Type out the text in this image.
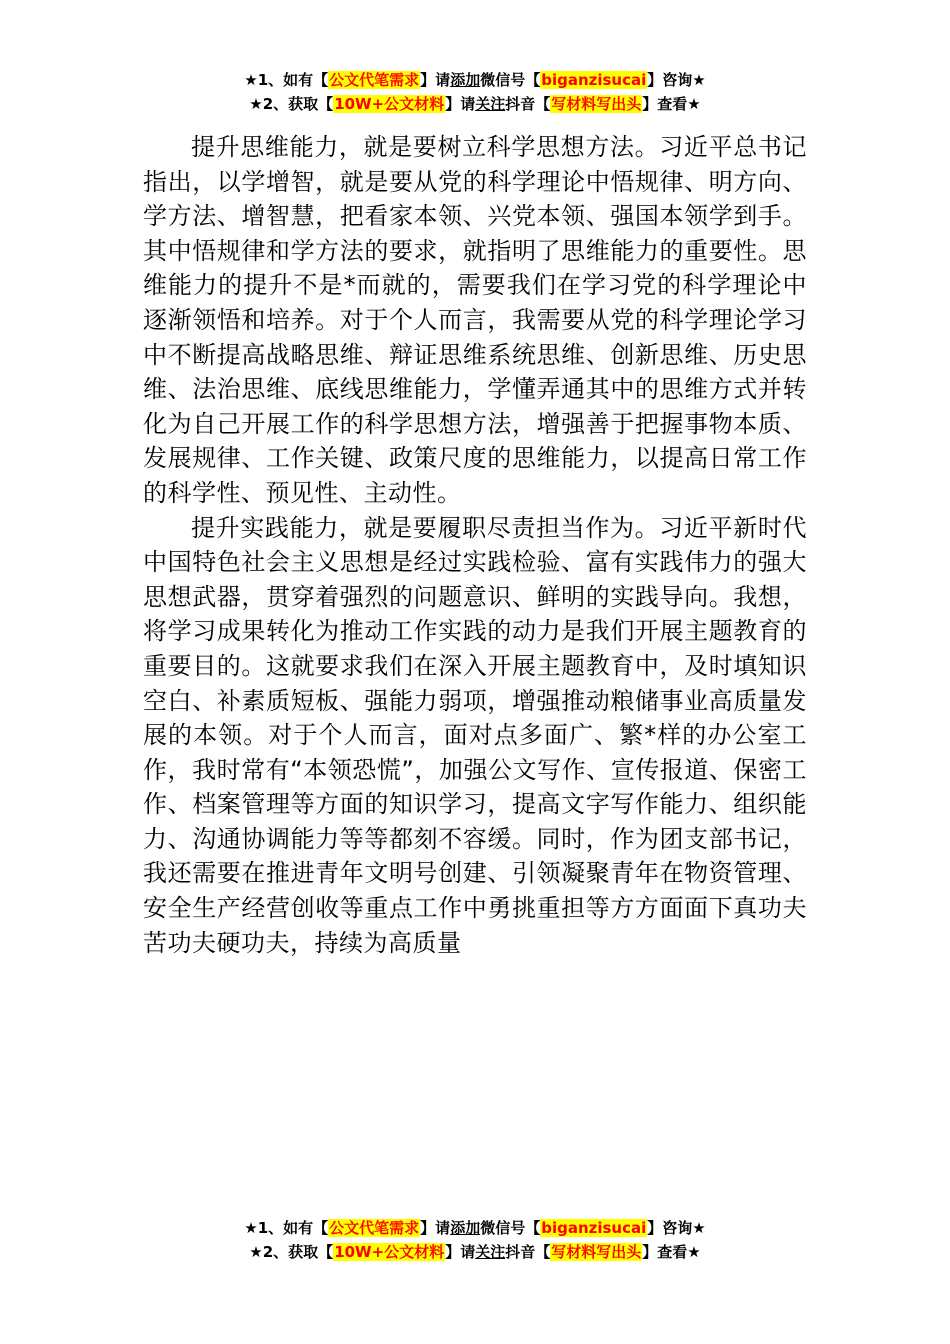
★1、如有【公文代笔需求】请添加微信号【biganzisucai】咨询★
★2、获取【10W+公文材料】请关注抖音【写材料写出头】查看★

提升思维能力，就是要树立科学思想方法。习近平总书记指出，以学增智，就是要从党的科学理论中悟规律、明方向、学方法、增智慧，把看家本领、兴党本领、强国本领学到手。其中悟规律和学方法的要求，就指明了思维能力的重要性。思维能力的提升不是*而就的，需要我们在学习党的科学理论中逐渐领悟和培养。对于个人而言，我需要从党的科学理论学习中不断提高战略思维、辩证思维系统思维、创新思维、历史思维、法治思维、底线思维能力，学懂弄通其中的思维方式并转化为自己开展工作的科学思想方法，增强善于把握事物本质、发展规律、工作关键、政策尺度的思维能力，以提高日常工作的科学性、预见性、主动性。

提升实践能力，就是要履职尽责担当作为。习近平新时代中国特色社会主义思想是经过实践检验、富有实践伟力的强大思想武器，贯穿着强烈的问题意识、鲜明的实践导向。我想，将学习成果转化为推动工作实践的动力是我们开展主题教育的重要目的。这就要求我们在深入开展主题教育中，及时填知识空白、补素质短板、强能力弱项，增强推动粮储事业高质量发展的本领。对于个人而言，面对点多面广、繁*样的办公室工作，我时常有“本领恐慌”，加强公文写作、宣传报道、保密工作、档案管理等方面的知识学习，提高文字写作能力、组织能力、沟通协调能力等等都刻不容缓。同时，作为团支部书记，我还需要在推进青年文明号创建、引领凝聚青年在物资管理、安全生产经营创收等重点工作中勇挑重担等方方面面下真功夫苦功夫硬功夫，持续为高质量

★1、如有【公文代笔需求】请添加微信号【biganzisucai】咨询★
★2、获取【10W+公文材料】请关注抖音【写材料写出头】查看★
